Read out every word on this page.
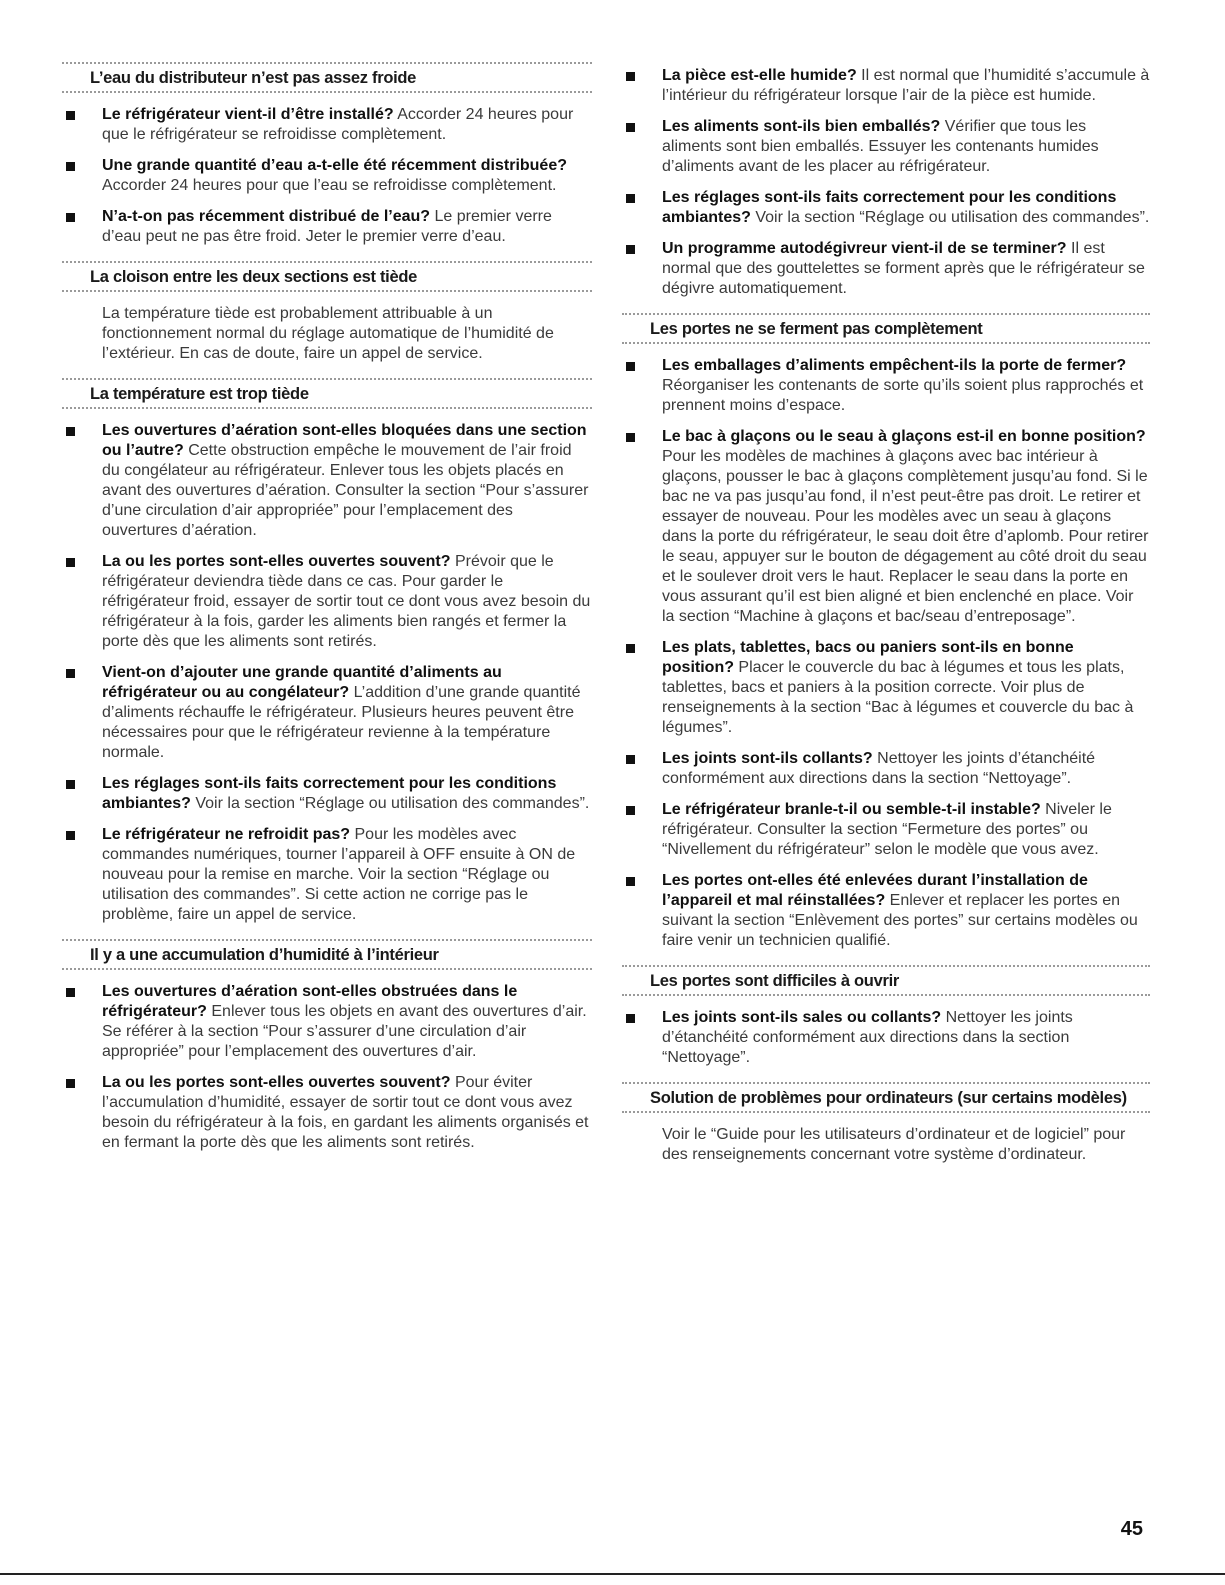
L’eau du distributeur n’est pas assez froide
Le réfrigérateur vient-il d’être installé? Accorder 24 heures pour que le réfrigérateur se refroidisse complètement.
Une grande quantité d’eau a-t-elle été récemment distribuée? Accorder 24 heures pour que l’eau se refroidisse complètement.
N’a-t-on pas récemment distribué de l’eau? Le premier verre d’eau peut ne pas être froid. Jeter le premier verre d’eau.
La cloison entre les deux sections est tiède

La température tiède est probablement attribuable à un fonctionnement normal du réglage automatique de l’humidité de l’extérieur. En cas de doute, faire un appel de service.

La température est trop tiède
Les ouvertures d’aération sont-elles bloquées dans une section ou l’autre? Cette obstruction empêche le mouvement de l’air froid du congélateur au réfrigérateur. Enlever tous les objets placés en avant des ouvertures d’aération. Consulter la section “Pour s’assurer d’une circulation d’air appropriée” pour l’emplacement des ouvertures d’aération.
La ou les portes sont-elles ouvertes souvent? Prévoir que le réfrigérateur deviendra tiède dans ce cas. Pour garder le réfrigérateur froid, essayer de sortir tout ce dont vous avez besoin du réfrigérateur à la fois, garder les aliments bien rangés et fermer la porte dès que les aliments sont retirés.
Vient-on d’ajouter une grande quantité d’aliments au réfrigérateur ou au congélateur? L’addition d’une grande quantité d’aliments réchauffe le réfrigérateur. Plusieurs heures peuvent être nécessaires pour que le réfrigérateur revienne à la température normale.
Les réglages sont-ils faits correctement pour les conditions ambiantes? Voir la section “Réglage ou utilisation des commandes”.
Le réfrigérateur ne refroidit pas? Pour les modèles avec commandes numériques, tourner l’appareil à OFF ensuite à ON de nouveau pour la remise en marche. Voir la section “Réglage ou utilisation des commandes”. Si cette action ne corrige pas le problème, faire un appel de service.
Il y a une accumulation d’humidité à l’intérieur
Les ouvertures d’aération sont-elles obstruées dans le réfrigérateur? Enlever tous les objets en avant des ouvertures d’air. Se référer à la section “Pour s’assurer d’une circulation d’air appropriée” pour l’emplacement des ouvertures d’air.
La ou les portes sont-elles ouvertes souvent? Pour éviter l’accumulation d’humidité, essayer de sortir tout ce dont vous avez besoin du réfrigérateur à la fois, en gardant les aliments organisés et en fermant la porte dès que les aliments sont retirés.
La pièce est-elle humide? Il est normal que l’humidité s’accumule à l’intérieur du réfrigérateur lorsque l’air de la pièce est humide.
Les aliments sont-ils bien emballés? Vérifier que tous les aliments sont bien emballés. Essuyer les contenants humides d’aliments avant de les placer au réfrigérateur.
Les réglages sont-ils faits correctement pour les conditions ambiantes? Voir la section “Réglage ou utilisation des commandes”.
Un programme autodégivreur vient-il de se terminer? Il est normal que des gouttelettes se forment après que le réfrigérateur se dégivre automatiquement.
Les portes ne se ferment pas complètement
Les emballages d’aliments empêchent-ils la porte de fermer? Réorganiser les contenants de sorte qu’ils soient plus rapprochés et prennent moins d’espace.
Le bac à glaçons ou le seau à glaçons est-il en bonne position? Pour les modèles de machines à glaçons avec bac intérieur à glaçons, pousser le bac à glaçons complètement jusqu’au fond. Si le bac ne va pas jusqu’au fond, il n’est peut-être pas droit. Le retirer et essayer de nouveau. Pour les modèles avec un seau à glaçons dans la porte du réfrigérateur, le seau doit être d’aplomb. Pour retirer le seau, appuyer sur le bouton de dégagement au côté droit du seau et le soulever droit vers le haut. Replacer le seau dans la porte en vous assurant qu’il est bien aligné et bien enclenché en place. Voir la section “Machine à glaçons et bac/seau d’entreposage”.
Les plats, tablettes, bacs ou paniers sont-ils en bonne position? Placer le couvercle du bac à légumes et tous les plats, tablettes, bacs et paniers à la position correcte. Voir plus de renseignements à la section “Bac à légumes et couvercle du bac à légumes”.
Les joints sont-ils collants? Nettoyer les joints d’étanchéité conformément aux directions dans la section “Nettoyage”.
Le réfrigérateur branle-t-il ou semble-t-il instable? Niveler le réfrigérateur. Consulter la section “Fermeture des portes” ou “Nivellement du réfrigérateur” selon le modèle que vous avez.
Les portes ont-elles été enlevées durant l’installation de l’appareil et mal réinstallées? Enlever et replacer les portes en suivant la section “Enlèvement des portes” sur certains modèles ou faire venir un technicien qualifié.
Les portes sont difficiles à ouvrir
Les joints sont-ils sales ou collants? Nettoyer les joints d’étanchéité conformément aux directions dans la section “Nettoyage”.
Solution de problèmes pour ordinateurs (sur certains modèles)

Voir le “Guide pour les utilisateurs d’ordinateur et de logiciel” pour des renseignements concernant votre système d’ordinateur.

45
